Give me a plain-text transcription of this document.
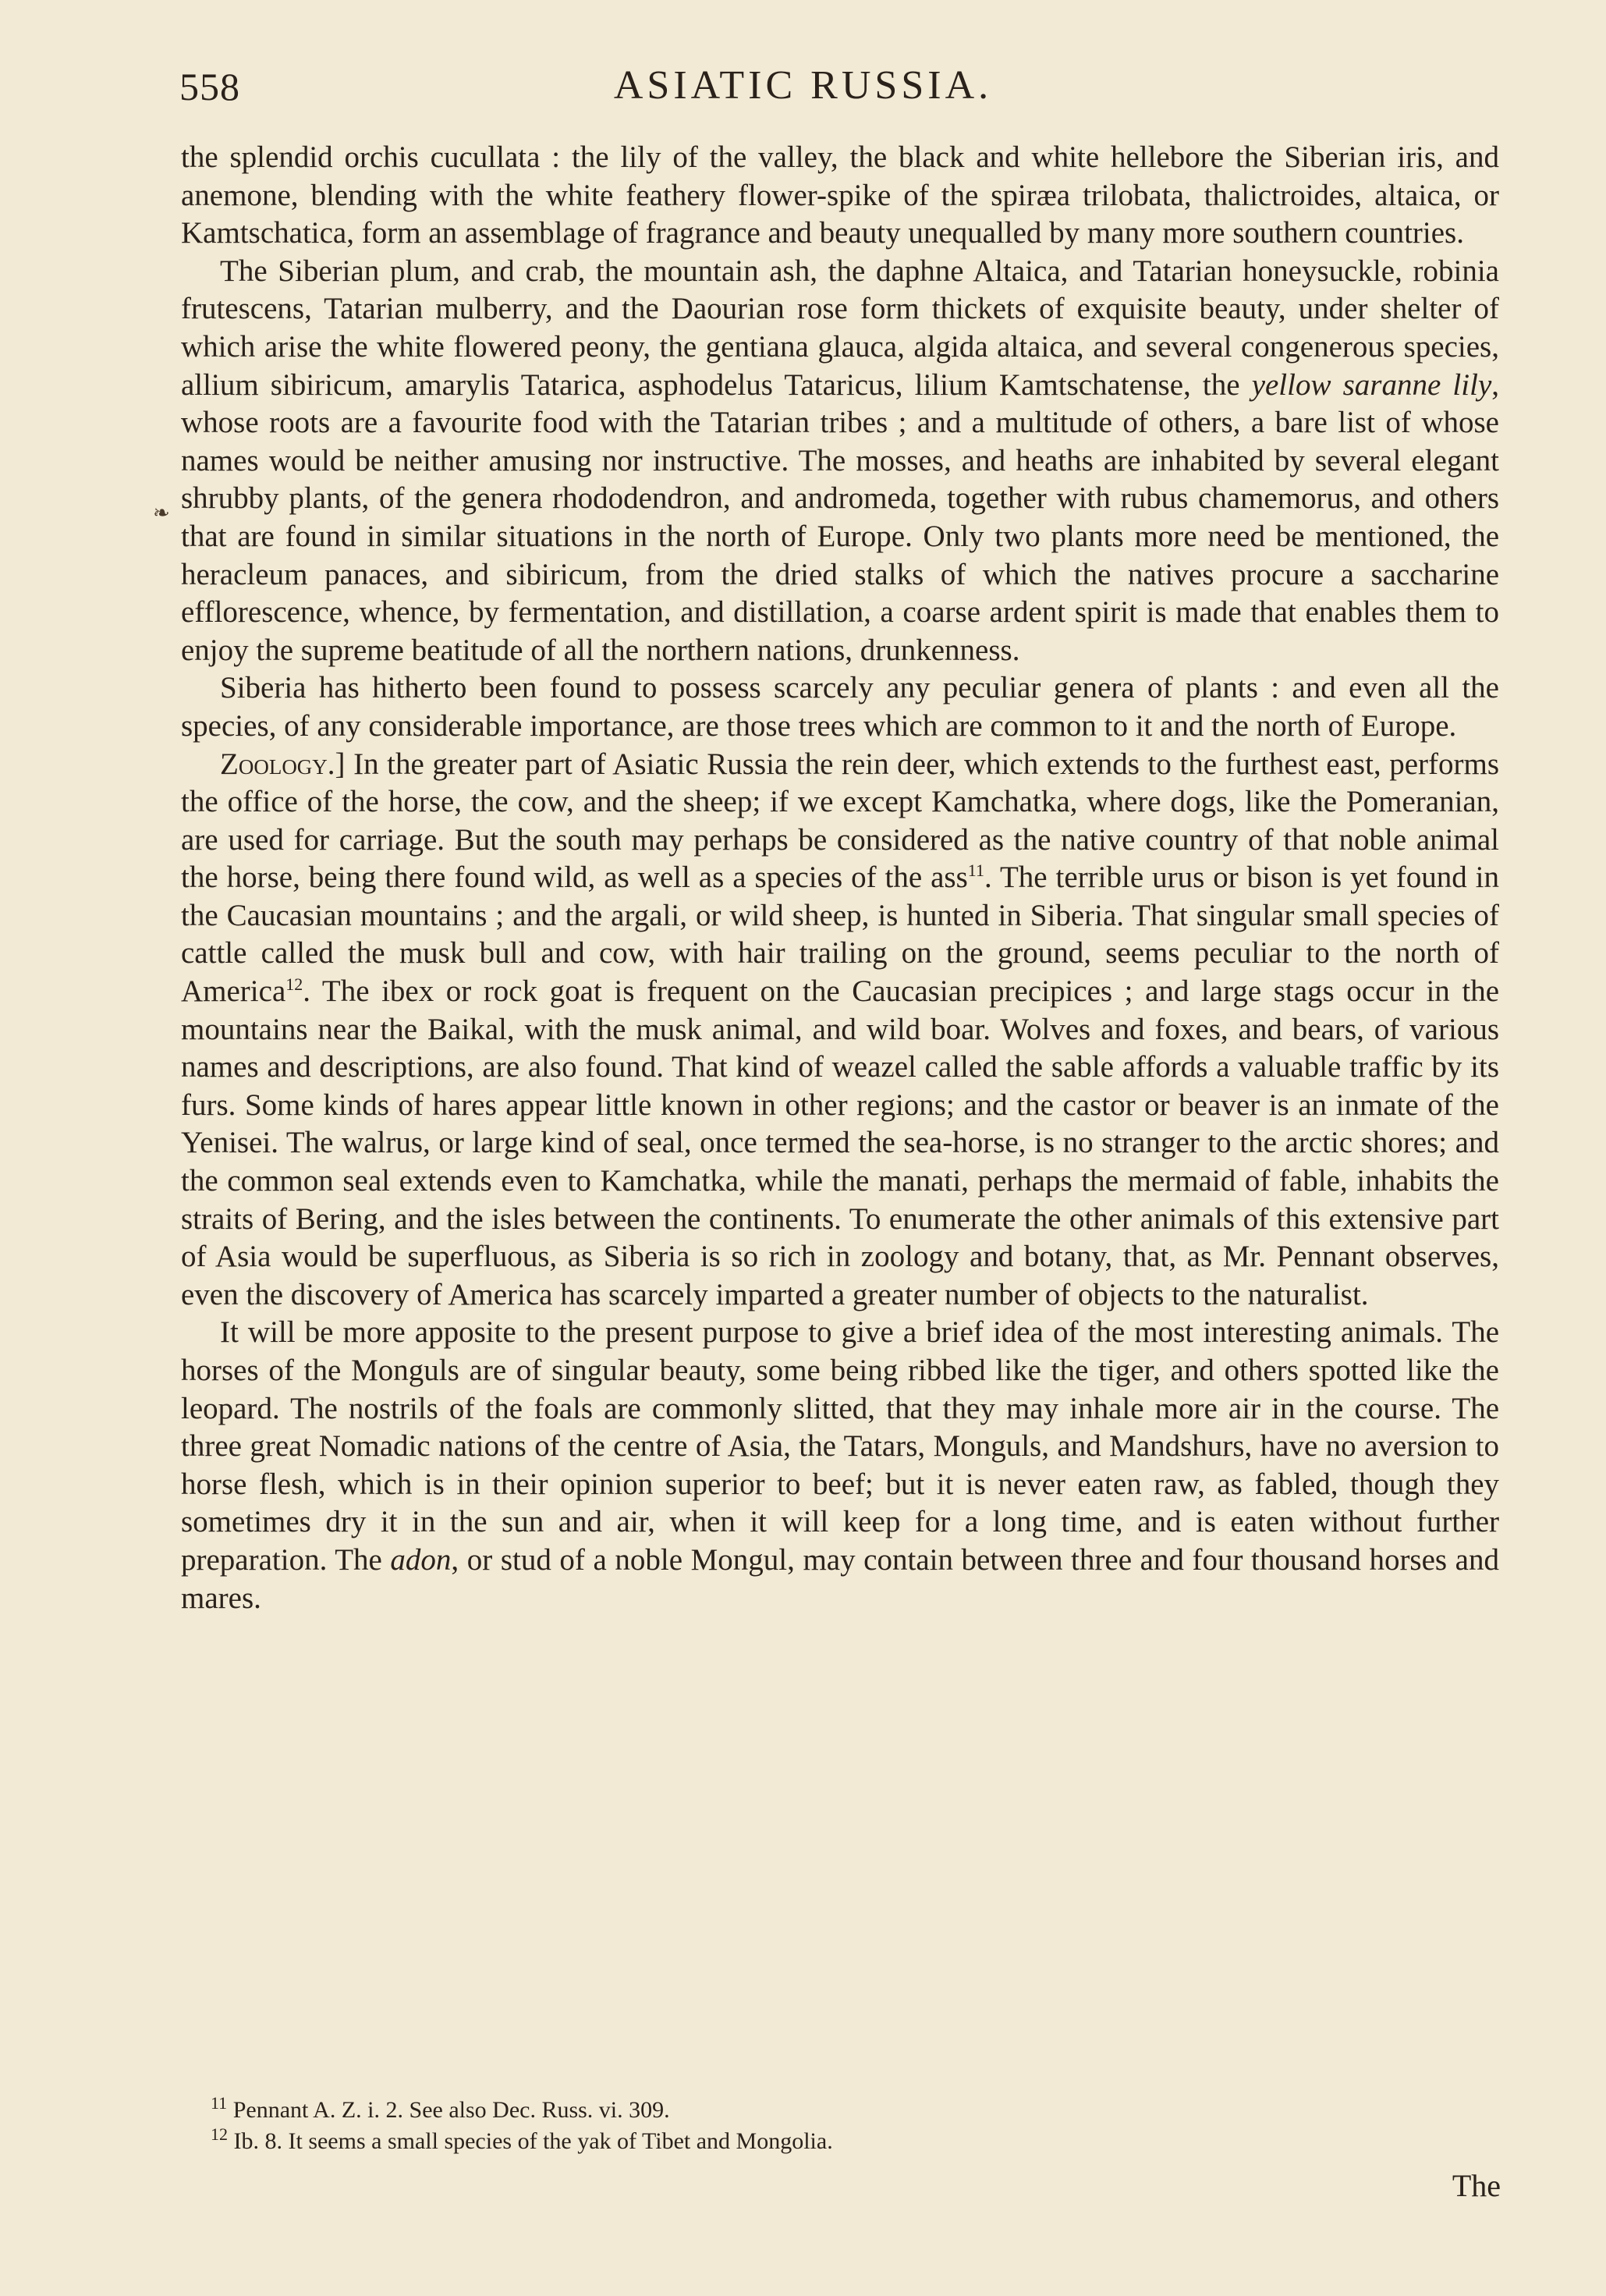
558	ASIATIC RUSSIA.
❧

the splendid orchis cucullata : the lily of the valley, the black and white hellebore the Siberian iris, and anemone, blending with the white feathery flower-spike of the spiræa trilobata, thalictroides, altaica, or Kamtschatica, form an assemblage of fragrance and beauty unequalled by many more southern countries.

The Siberian plum, and crab, the mountain ash, the daphne Altaica, and Tatarian honeysuckle, robinia frutescens, Tatarian mulberry, and the Daourian rose form thickets of exquisite beauty, under shelter of which arise the white flowered peony, the gentiana glauca, algida altaica, and several congenerous species, allium sibiricum, amarylis Tatarica, asphodelus Tataricus, lilium Kamtschatense, the yellow saranne lily, whose roots are a favourite food with the Tatarian tribes ; and a multitude of others, a bare list of whose names would be neither amusing nor instructive. The mosses, and heaths are inhabited by several elegant shrubby plants, of the genera rhododendron, and andromeda, together with rubus chamemorus, and others that are found in similar situations in the north of Europe. Only two plants more need be mentioned, the heracleum panaces, and sibiricum, from the dried stalks of which the natives procure a saccharine efflorescence, whence, by fermentation, and distillation, a coarse ardent spirit is made that enables them to enjoy the supreme beatitude of all the northern nations, drunkenness.

Siberia has hitherto been found to possess scarcely any peculiar genera of plants : and even all the species, of any considerable importance, are those trees which are common to it and the north of Europe.

Zoology.] In the greater part of Asiatic Russia the rein deer, which extends to the furthest east, performs the office of the horse, the cow, and the sheep; if we except Kamchatka, where dogs, like the Pomeranian, are used for carriage. But the south may perhaps be considered as the native country of that noble animal the horse, being there found wild, as well as a species of the ass$^{11}$. The terrible urus or bison is yet found in the Caucasian mountains ; and the argali, or wild sheep, is hunted in Siberia. That singular small species of cattle called the musk bull and cow, with hair trailing on the ground, seems peculiar to the north of America$^{12}$. The ibex or rock goat is frequent on the Caucasian precipices ; and large stags occur in the mountains near the Baikal, with the musk animal, and wild boar. Wolves and foxes, and bears, of various names and descriptions, are also found. That kind of weazel called the sable affords a valuable traffic by its furs. Some kinds of hares appear little known in other regions; and the castor or beaver is an inmate of the Yenisei. The walrus, or large kind of seal, once termed the sea-horse, is no stranger to the arctic shores; and the common seal extends even to Kamchatka, while the manati, perhaps the mermaid of fable, inhabits the straits of Bering, and the isles between the continents. To enumerate the other animals of this extensive part of Asia would be superfluous, as Siberia is so rich in zoology and botany, that, as Mr. Pennant observes, even the discovery of America has scarcely imparted a greater number of objects to the naturalist.

It will be more apposite to the present purpose to give a brief idea of the most interesting animals. The horses of the Monguls are of singular beauty, some being ribbed like the tiger, and others spotted like the leopard. The nostrils of the foals are commonly slitted, that they may inhale more air in the course. The three great Nomadic nations of the centre of Asia, the Tatars, Monguls, and Mandshurs, have no aversion to horse flesh, which is in their opinion superior to beef; but it is never eaten raw, as fabled, though they sometimes dry it in the sun and air, when it will keep for a long time, and is eaten without further preparation. The adon, or stud of a noble Mongul, may contain between three and four thousand horses and mares.

$^{11}$ Pennant A. Z. i. 2. See also Dec. Russ. vi. 309.

$^{12}$ Ib. 8. It seems a small species of the yak of Tibet and Mongolia.

The
